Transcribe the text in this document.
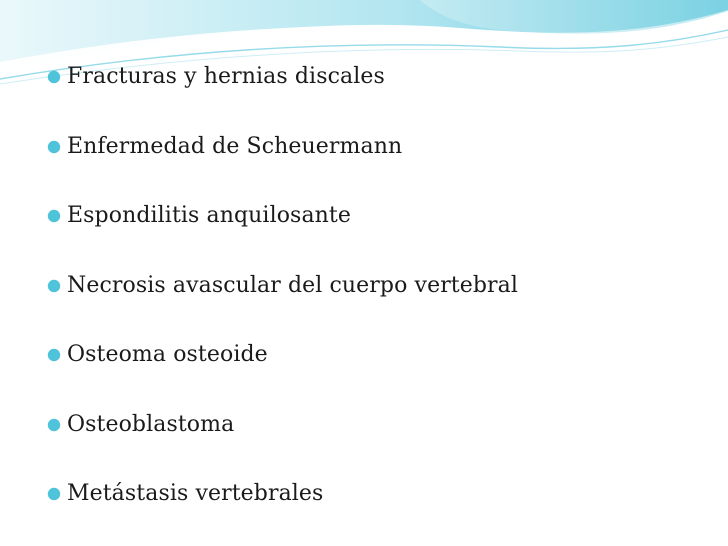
Fracturas y hernias discales
Enfermedad de Scheuermann
Espondilitis anquilosante
Necrosis avascular del cuerpo vertebral
Osteoma osteoide
Osteoblastoma
Metástasis vertebrales
